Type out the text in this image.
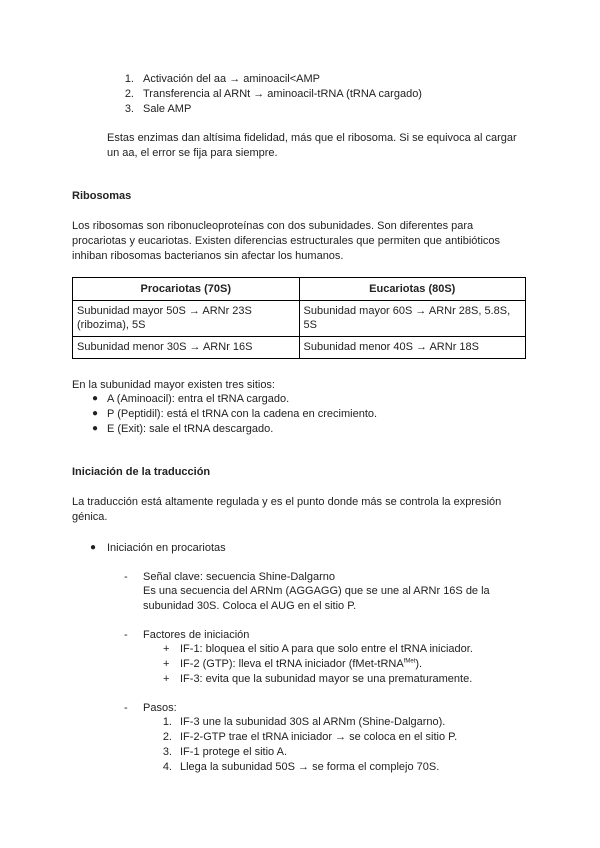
1. Activación del aa → aminoacil<AMP
2. Transferencia al ARNt → aminoacil-tRNA (tRNA cargado)
3. Sale AMP
Estas enzimas dan altísima fidelidad, más que el ribosoma. Si se equivoca al cargar
un aa, el error se fija para siempre.
Ribosomas
Los ribosomas son ribonucleoproteínas con dos subunidades. Son diferentes para
procariotas y eucariotas. Existen diferencias estructurales que permiten que antibióticos
inhiban ribosomas bacterianos sin afectar los humanos.
Procariotas (70S)	Eucariotas (80S)
Subunidad mayor 50S → ARNr 23S (ribozima), 5S	Subunidad mayor 60S → ARNr 28S, 5.8S, 5S
Subunidad menor 30S → ARNr 16S	Subunidad menor 40S → ARNr 18S
En la subunidad mayor existen tres sitios:
● A (Aminoacil): entra el tRNA cargado.
● P (Peptidil): está el tRNA con la cadena en crecimiento.
● E (Exit): sale el tRNA descargado.
Iniciación de la traducción
La traducción está altamente regulada y es el punto donde más se controla la expresión
génica.
● Iniciación en procariotas
- Señal clave: secuencia Shine-Dalgarno
Es una secuencia del ARNm (AGGAGG) que se une al ARNr 16S de la
subunidad 30S. Coloca el AUG en el sitio P.
- Factores de iniciación
+ IF-1: bloquea el sitio A para que solo entre el tRNA iniciador.
+ IF-2 (GTP): lleva el tRNA iniciador (fMet-tRNA$^{fMet}$).
+ IF-3: evita que la subunidad mayor se una prematuramente.
- Pasos:
1. IF-3 une la subunidad 30S al ARNm (Shine-Dalgarno).
2. IF-2-GTP trae el tRNA iniciador → se coloca en el sitio P.
3. IF-1 protege el sitio A.
4. Llega la subunidad 50S → se forma el complejo 70S.
